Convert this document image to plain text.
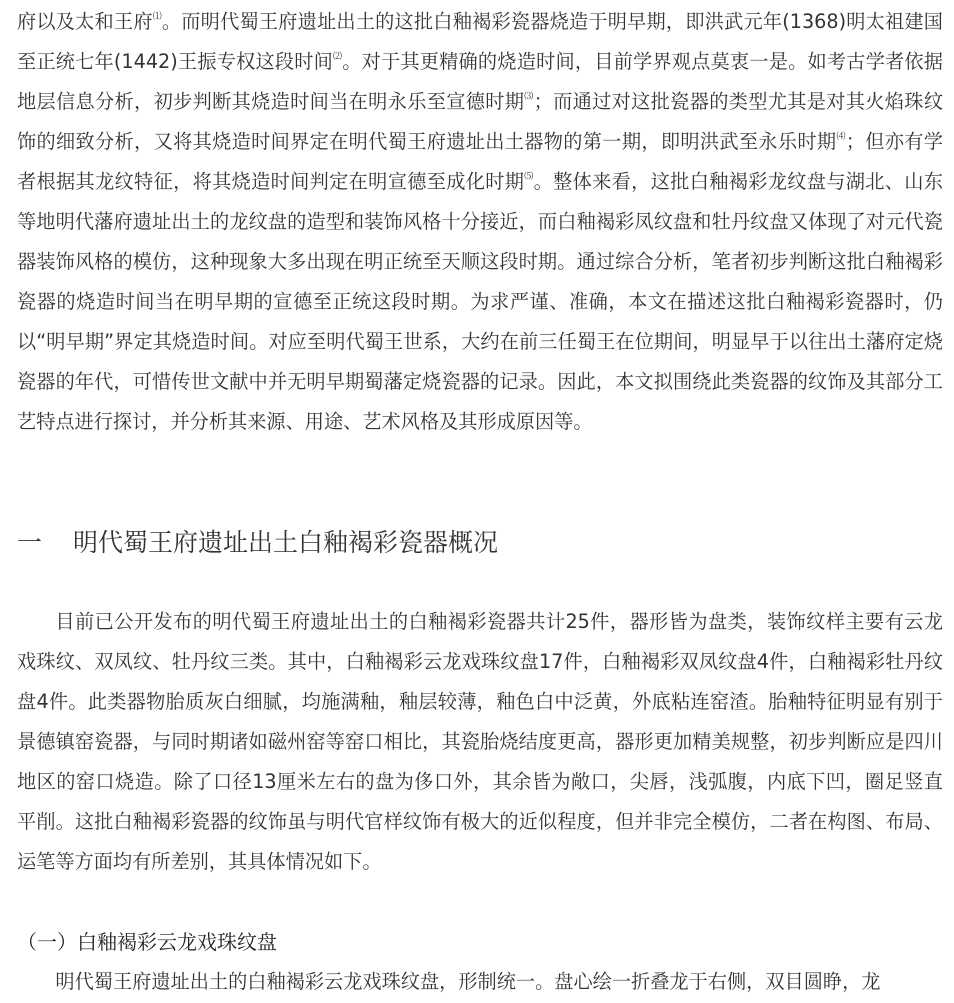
府以及太和王府⑴。而明代蜀王府遗址出土的这批白釉褐彩瓷器烧造于明早期，即洪武元年(1368)明太祖建国至正统七年(1442)王振专权这段时间⑵。对于其更精确的烧造时间，目前学界观点莫衷一是。如考古学者依据地层信息分析，初步判断其烧造时间当在明永乐至宣德时期⑶；而通过对这批瓷器的类型尤其是对其火焰珠纹饰的细致分析，又将其烧造时间界定在明代蜀王府遗址出土器物的第一期，即明洪武至永乐时期⑷；但亦有学者根据其龙纹特征，将其烧造时间判定在明宣德至成化时期⑸。整体来看，这批白釉褐彩龙纹盘与湖北、山东等地明代藩府遗址出土的龙纹盘的造型和装饰风格十分接近，而白釉褐彩凤纹盘和牡丹纹盘又体现了对元代瓷器装饰风格的模仿，这种现象大多出现在明正统至天顺这段时期。通过综合分析，笔者初步判断这批白釉褐彩瓷器的烧造时间当在明早期的宣德至正统这段时期。为求严谨、准确，本文在描述这批白釉褐彩瓷器时，仍以“明早期”界定其烧造时间。对应至明代蜀王世系，大约在前三任蜀王在位期间，明显早于以往出土藩府定烧瓷器的年代，可惜传世文献中并无明早期蜀藩定烧瓷器的记录。因此，本文拟围绕此类瓷器的纹饰及其部分工艺特点进行探讨，并分析其来源、用途、艺术风格及其形成原因等。

一 明代蜀王府遗址出土白釉褐彩瓷器概况

目前已公开发布的明代蜀王府遗址出土的白釉褐彩瓷器共计25件，器形皆为盘类，装饰纹样主要有云龙戏珠纹、双凤纹、牡丹纹三类。其中，白釉褐彩云龙戏珠纹盘17件，白釉褐彩双凤纹盘4件，白釉褐彩牡丹纹盘4件。此类器物胎质灰白细腻，均施满釉，釉层较薄，釉色白中泛黄，外底粘连窑渣。胎釉特征明显有别于景德镇窑瓷器，与同时期诸如磁州窑等窑口相比，其瓷胎烧结度更高，器形更加精美规整，初步判断应是四川地区的窑口烧造。除了口径13厘米左右的盘为侈口外，其余皆为敞口，尖唇，浅弧腹，内底下凹，圈足竖直平削。这批白釉褐彩瓷器的纹饰虽与明代官样纹饰有极大的近似程度，但并非完全模仿，二者在构图、布局、运笔等方面均有所差别，其具体情况如下。

（一）白釉褐彩云龙戏珠纹盘

明代蜀王府遗址出土的白釉褐彩云龙戏珠纹盘，形制统一。盘心绘一折叠龙于右侧，双目圆睁，龙
